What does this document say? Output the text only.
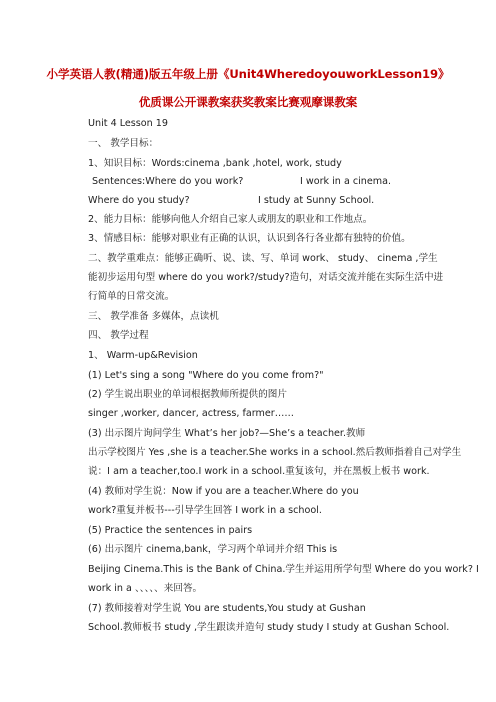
小学英语人教(精通)版五年级上册《Unit4WheredoyouworkLesson19》
优质课公开课教案获奖教案比赛观摩课教案
Unit 4 Lesson 19
一、 教学目标：
1、知识目标：Words:cinema ,bank ,hotel, work, study
Sentences:Where do you work?	I work in a cinema.
Where do you study?	I study at Sunny School.
2、能力目标：能够向他人介绍自己家人或朋友的职业和工作地点。
3、情感目标：能够对职业有正确的认识，认识到各行各业都有独特的价值。
二、教学重难点：能够正确听、说、读、写、单词 work、 study、 cinema ,学生
能初步运用句型 where do you work?/study?造句，对话交流并能在实际生活中进
行简单的日常交流。
三、 教学准备 多媒体，点读机
四、 教学过程
1、 Warm-up&Revision
(1) Let's sing a song "Where do you come from?"
(2) 学生说出职业的单词根据教师所提供的图片
singer ,worker, dancer, actress, farmer……
(3) 出示图片询问学生 What’s her job?—She’s a teacher.教师
出示学校图片 Yes ,she is a teacher.She works in a school.然后教师指着自己对学生
说：I am a teacher,too.I work in a school.重复该句，并在黑板上板书 work.
(4) 教师对学生说：Now if you are a teacher.Where do you
work?重复并板书---引导学生回答 I work in a school.
(5) Practice the sentences in pairs
(6) 出示图片 cinema,bank，学习两个单词并介绍 This is
Beijing Cinema.This is the Bank of China.学生并运用所学句型 Where do you work? I
work in a 、、、、、来回答。
(7) 教师接着对学生说 You are students,You study at Gushan
School.教师板书 study ,学生跟读并造句 study study I study at Gushan School.
